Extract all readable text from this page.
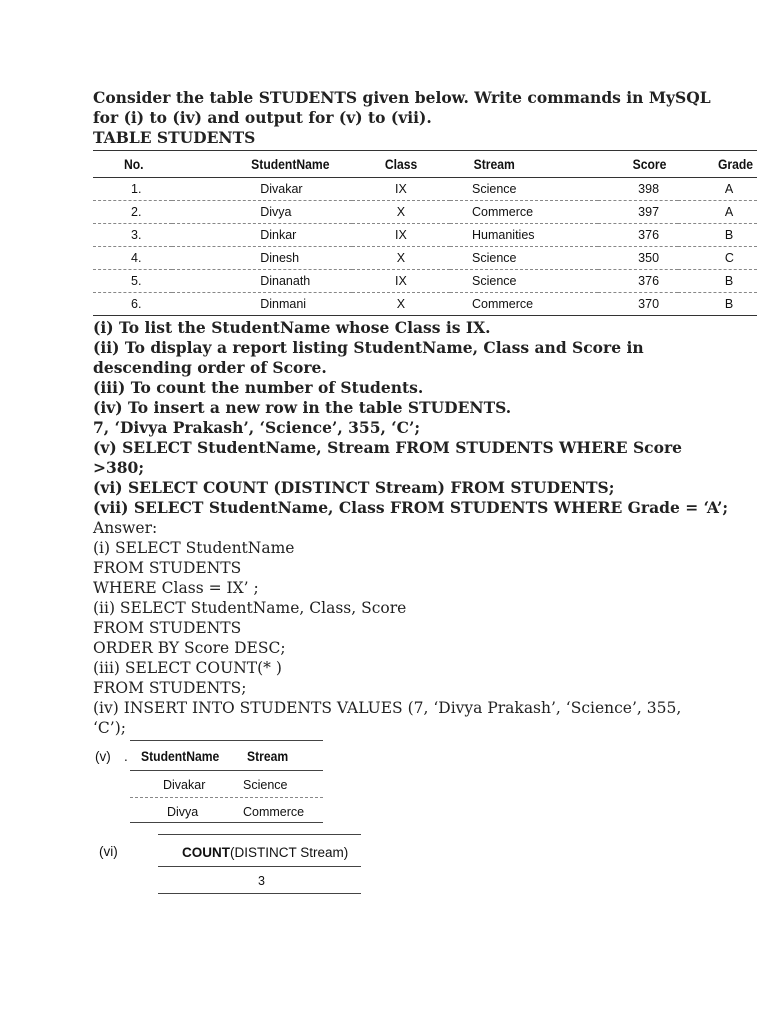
Consider the table STUDENTS given below. Write commands in MySQL
for (i) to (iv) and output for (v) to (vii).
TABLE STUDENTS
No.	StudentName	Class	Stream	Score	Grade
1.	Divakar	IX	Science	398	A
2.	Divya	X	Commerce	397	A
3.	Dinkar	IX	Humanities	376	B
4.	Dinesh	X	Science	350	C
5.	Dinanath	IX	Science	376	B
6.	Dinmani	X	Commerce	370	B
(i) To list the StudentName whose Class is IX.
(ii) To display a report listing StudentName, Class and Score in
descending order of Score.
(iii) To count the number of Students.
(iv) To insert a new row in the table STUDENTS.
7, ‘Divya Prakash’, ‘Science’, 355, ‘C’;
(v) SELECT StudentName, Stream FROM STUDENTS WHERE Score
>380;
(vi) SELECT COUNT (DISTINCT Stream) FROM STUDENTS;
(vii) SELECT StudentName, Class FROM STUDENTS WHERE Grade = ‘A’;
Answer:
(i) SELECT StudentName
FROM STUDENTS
WHERE Class = IX’ ;
(ii) SELECT StudentName, Class, Score
FROM STUDENTS
ORDER BY Score DESC;
(iii) SELECT COUNT(* )
FROM STUDENTS;
(iv) INSERT INTO STUDENTS VALUES (7, ‘Divya Prakash’, ‘Science’, 355,
‘C’);
(v) . StudentName Stream
Divakar	Science
Divya	Commerce
(vi)	COUNT(DISTINCT Stream)
3
